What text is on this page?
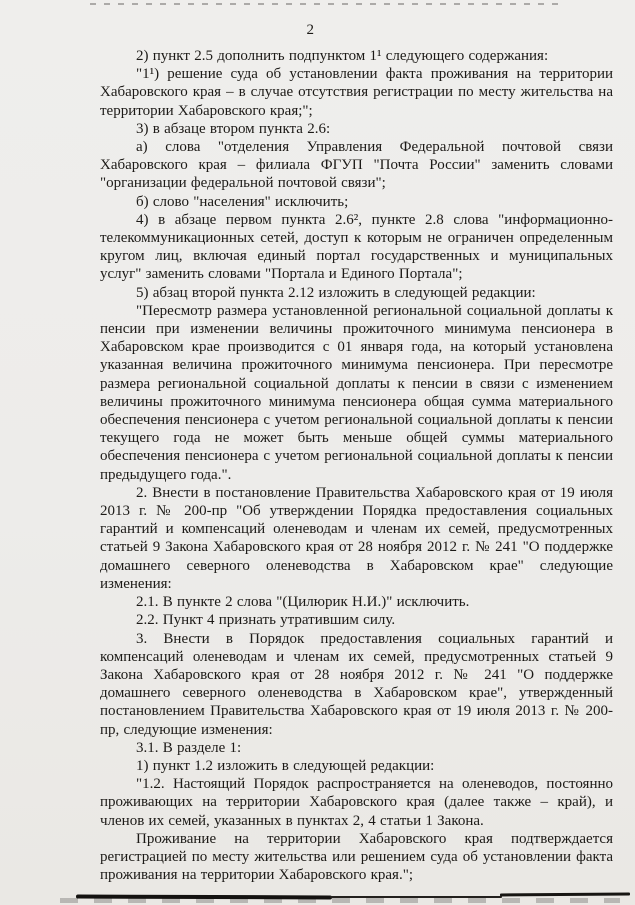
2

2) пункт 2.5 дополнить подпунктом 1¹ следующего содержания:

"1¹) решение суда об установлении факта проживания на территории Хабаровского края – в случае отсутствия регистрации по месту жительства на территории Хабаровского края;";

3) в абзаце втором пункта 2.6:

а) слова "отделения Управления Федеральной почтовой связи Хабаровского края – филиала ФГУП "Почта России" заменить словами "организации федеральной почтовой связи";

б) слово "населения" исключить;

4) в абзаце первом пункта 2.6², пункте 2.8 слова "информационно-телекоммуникационных сетей, доступ к которым не ограничен определенным кругом лиц, включая единый портал государственных и муниципальных услуг" заменить словами "Портала и Единого Портала";

5) абзац второй пункта 2.12 изложить в следующей редакции:

"Пересмотр размера установленной региональной социальной доплаты к пенсии при изменении величины прожиточного минимума пенсионера в Хабаровском крае производится с 01 января года, на который установлена указанная величина прожиточного минимума пенсионера. При пересмотре размера региональной социальной доплаты к пенсии в связи с изменением величины прожиточного минимума пенсионера общая сумма материального обеспечения пенсионера с учетом региональной социальной доплаты к пенсии текущего года не может быть меньше общей суммы материального обеспечения пенсионера с учетом региональной социальной доплаты к пенсии предыдущего года.".

2. Внести в постановление Правительства Хабаровского края от 19 июля 2013 г. № 200-пр "Об утверждении Порядка предоставления социальных гарантий и компенсаций оленеводам и членам их семей, предусмотренных статьей 9 Закона Хабаровского края от 28 ноября 2012 г. № 241 "О поддержке домашнего северного оленеводства в Хабаровском крае" следующие изменения:

2.1. В пункте 2 слова "(Цилюрик Н.И.)" исключить.

2.2. Пункт 4 признать утратившим силу.

3. Внести в Порядок предоставления социальных гарантий и компенсаций оленеводам и членам их семей, предусмотренных статьей 9 Закона Хабаровского края от 28 ноября 2012 г. № 241 "О поддержке домашнего северного оленеводства в Хабаровском крае", утвержденный постановлением Правительства Хабаровского края от 19 июля 2013 г. № 200-пр, следующие изменения:

3.1. В разделе 1:

1) пункт 1.2 изложить в следующей редакции:

"1.2. Настоящий Порядок распространяется на оленеводов, постоянно проживающих на территории Хабаровского края (далее также – край), и членов их семей, указанных в пунктах 2, 4 статьи 1 Закона.

Проживание на территории Хабаровского края подтверждается регистрацией по месту жительства или решением суда об установлении факта проживания на территории Хабаровского края.";
